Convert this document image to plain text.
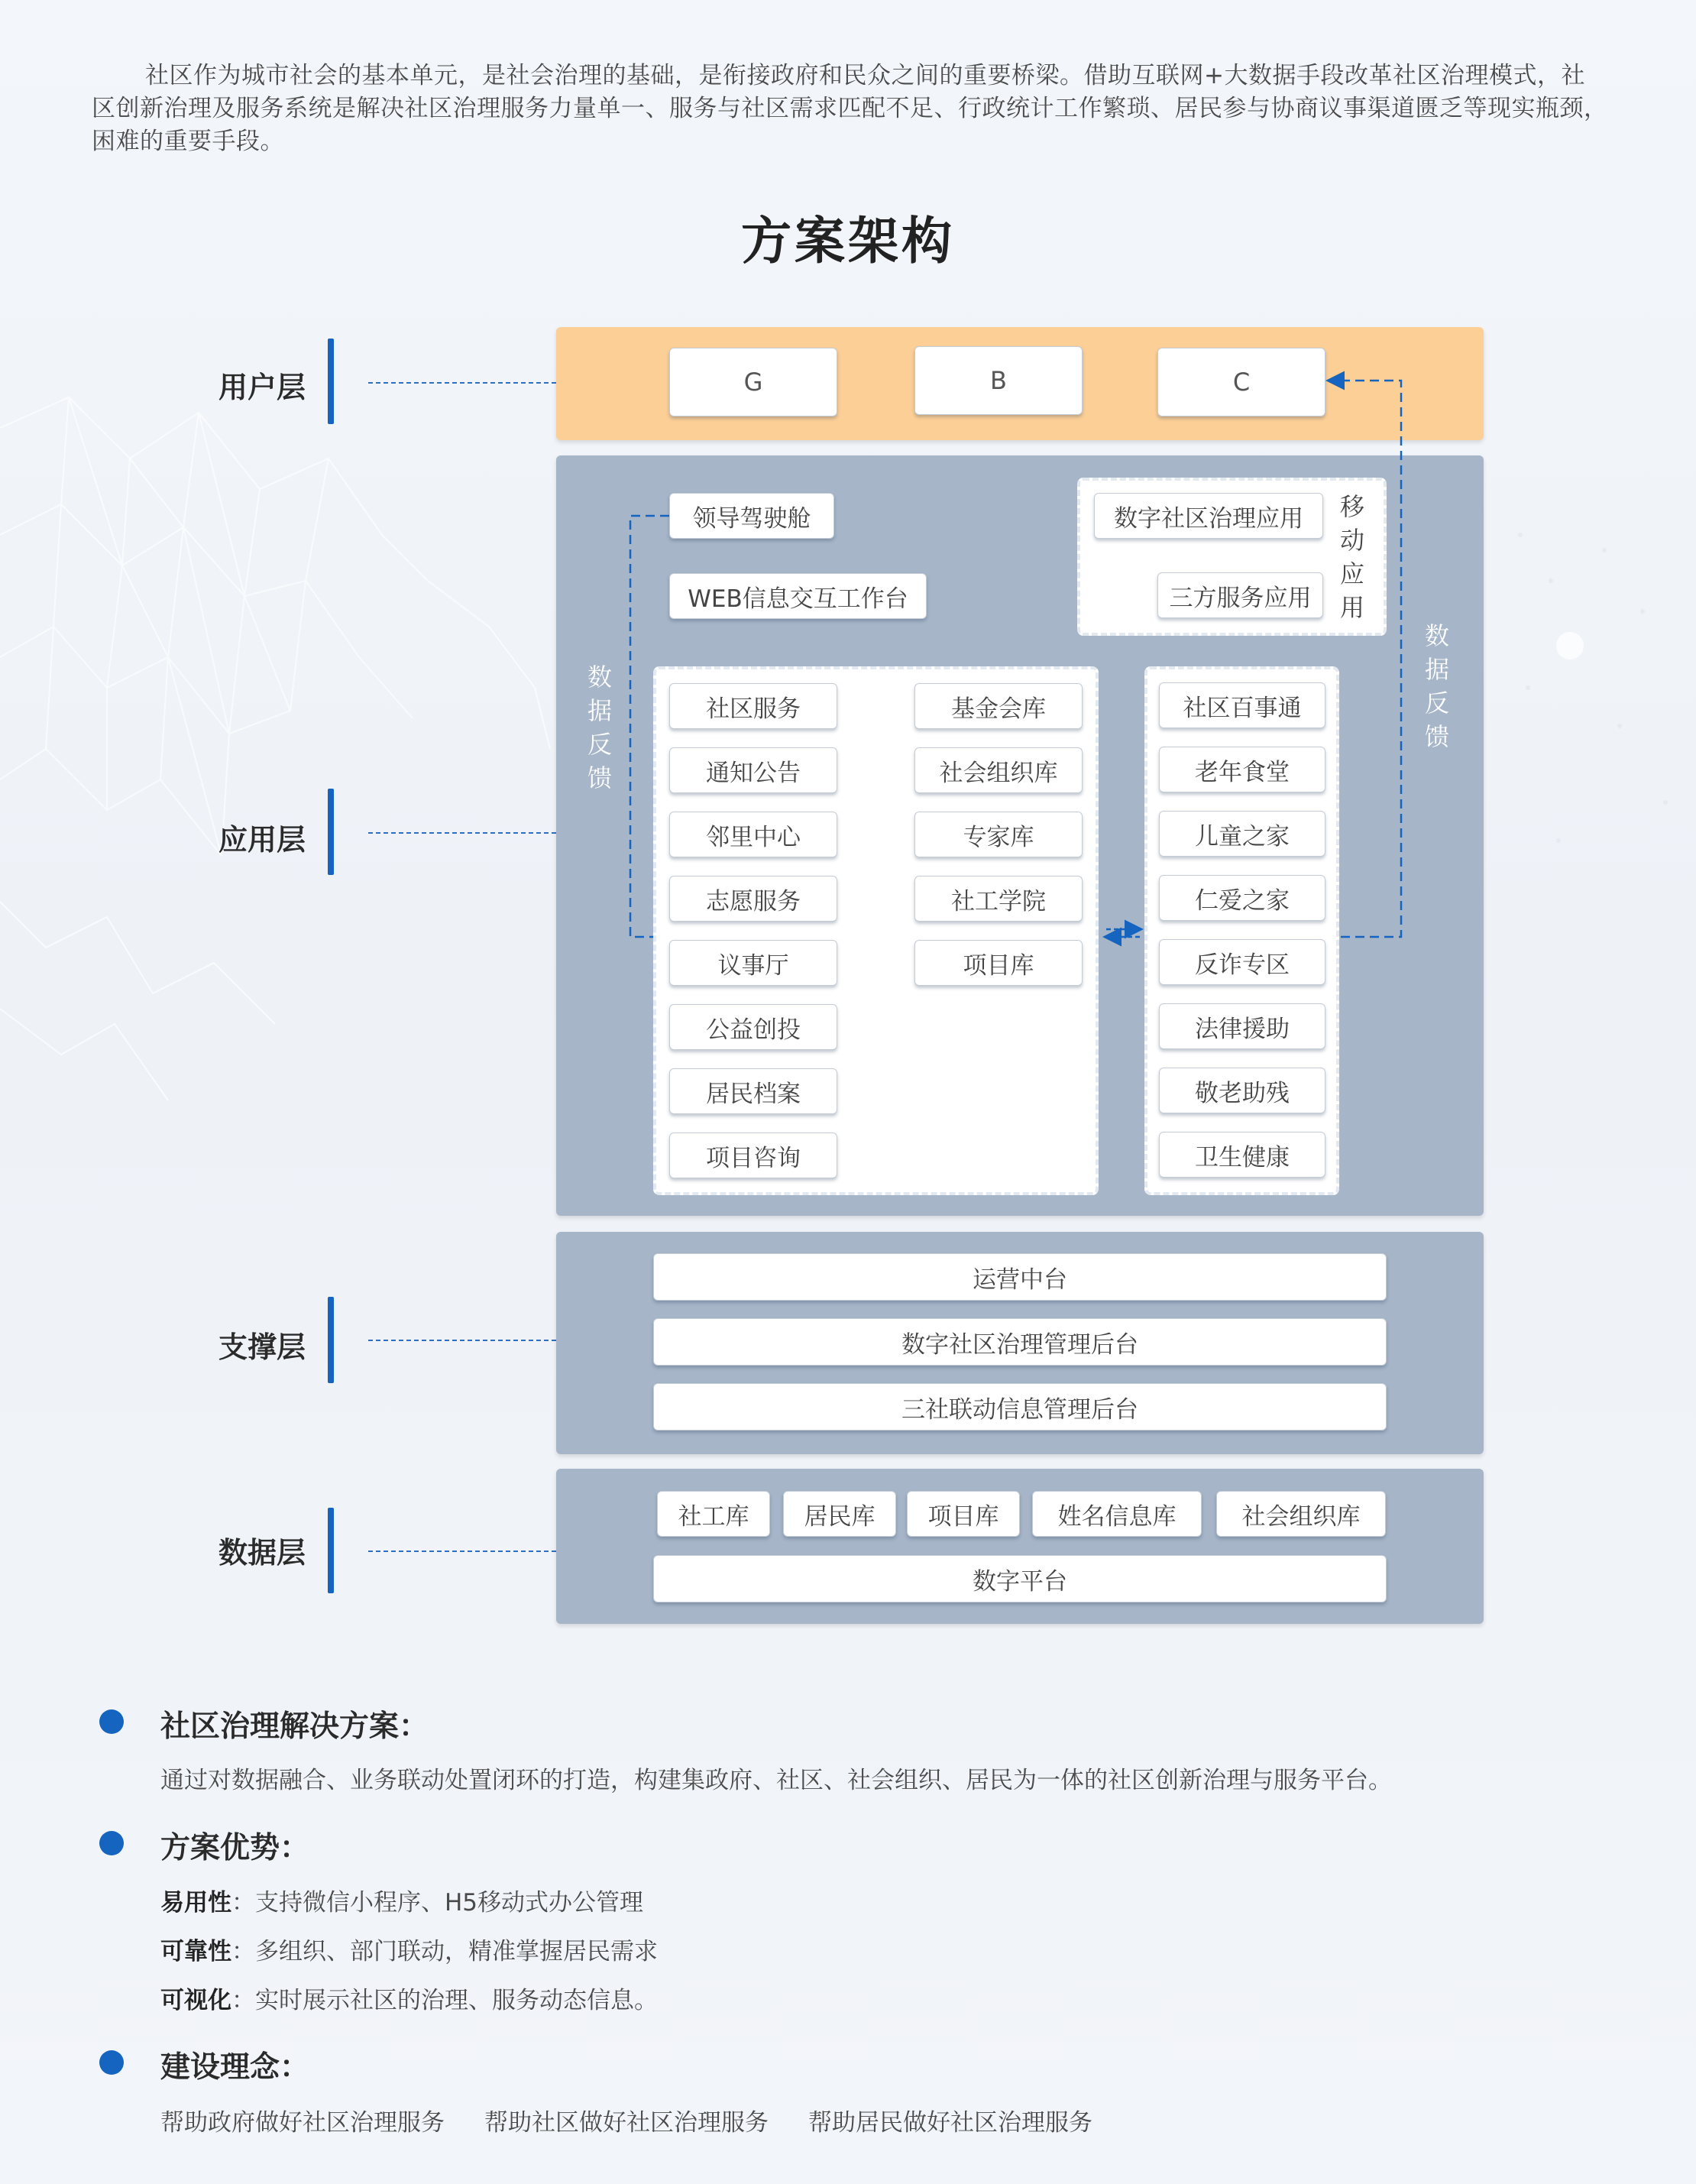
社区作为城市社会的基本单元，是社会治理的基础，是衔接政府和民众之间的重要桥梁。借助互联网+大数据手段改革社区治理模式，社区创新治理及服务系统是解决社区治理服务力量单一、服务与社区需求匹配不足、行政统计工作繁琐、居民参与协商议事渠道匮乏等现实瓶颈，困难的重要手段。
方案架构
用户层
应用层
支撑层
数据层
G	B	C
领导驾驶舱
WEB信息交互工作台
数字社区治理应用
三方服务应用
移动应用
数据反馈
数据反馈
社区服务
通知公告
邻里中心
志愿服务
议事厅
公益创投
居民档案
项目咨询
基金会库
社会组织库
专家库
社工学院
项目库
社区百事通
老年食堂
儿童之家
仁爱之家
反诈专区
法律援助
敬老助残
卫生健康
运营中台
数字社区治理管理后台
三社联动信息管理后台
社工库	居民库	项目库	姓名信息库	社会组织库
数字平台
社区治理解决方案：
通过对数据融合、业务联动处置闭环的打造，构建集政府、社区、社会组织、居民为一体的社区创新治理与服务平台。
方案优势：
易用性：支持微信小程序、H5移动式办公管理
可靠性：多组织、部门联动，精准掌握居民需求
可视化：实时展示社区的治理、服务动态信息。
建设理念：
帮助政府做好社区治理服务 帮助社区做好社区治理服务 帮助居民做好社区治理服务
